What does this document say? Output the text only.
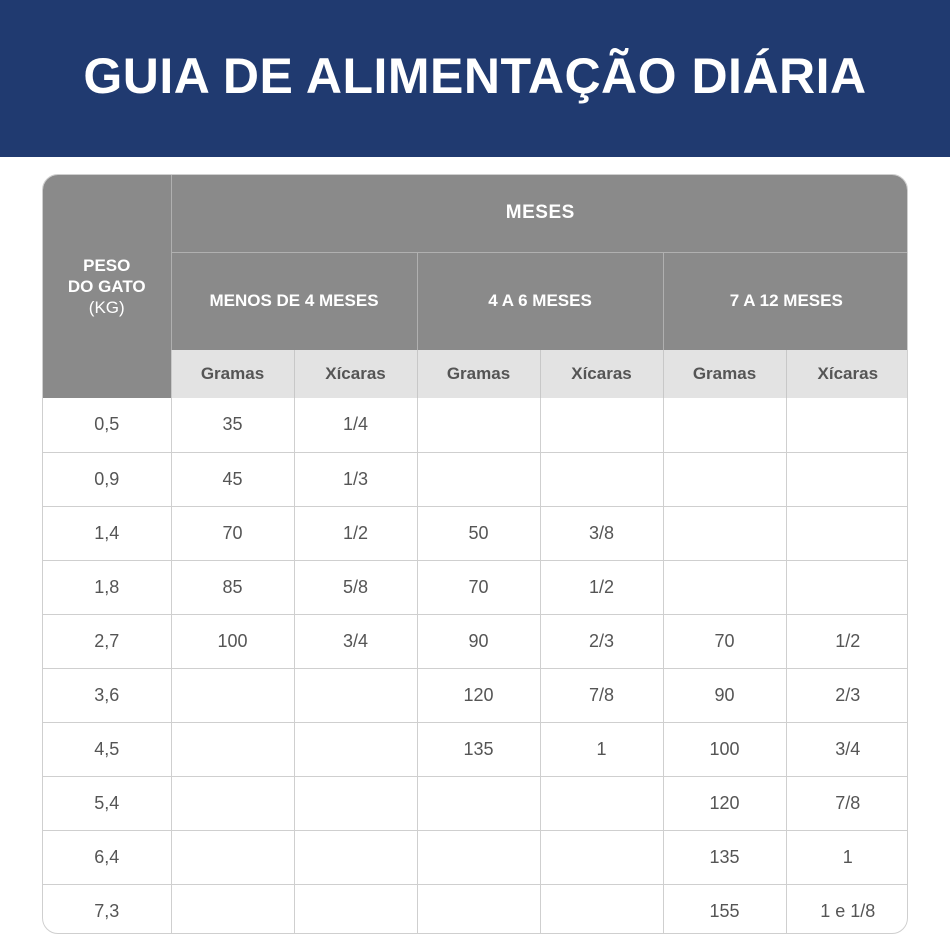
GUIA DE ALIMENTAÇÃO DIÁRIA
PESO
DO GATO
(KG)	MESES					
	MENOS DE 4 MESES		4 A 6 MESES		7 A 12 MESES	
	Gramas	Xícaras	Gramas	Xícaras	Gramas	Xícaras
0,5	35	1/4				
0,9	45	1/3				
1,4	70	1/2	50	3/8		
1,8	85	5/8	70	1/2		
2,7	100	3/4	90	2/3	70	1/2
3,6			120	7/8	90	2/3
4,5			135	1	100	3/4
5,4					120	7/8
6,4					135	1
7,3					155	1 e 1/8
